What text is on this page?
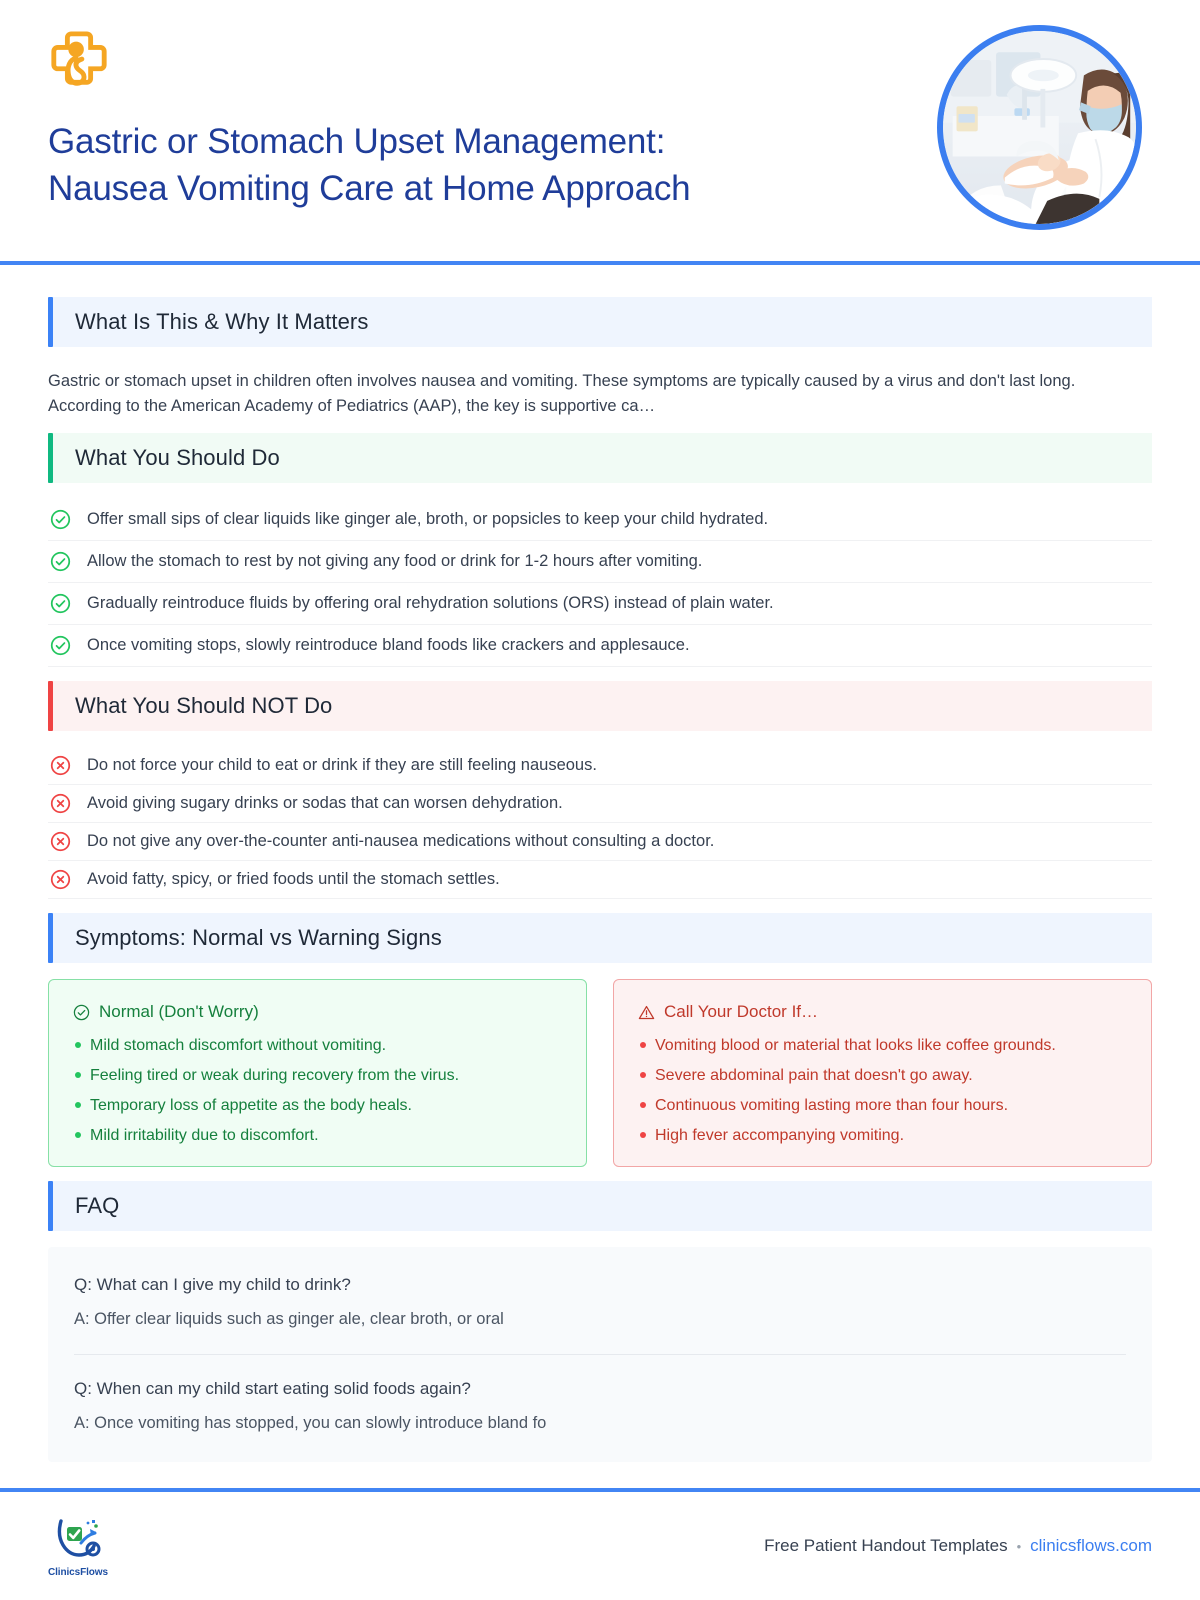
Gastric or Stomach Upset Management:
Nausea Vomiting Care at Home Approach
What Is This & Why It Matters

Gastric or stomach upset in children often involves nausea and vomiting. These symptoms are typically caused by a virus and don't last long. According to the American Academy of Pediatrics (AAP), the key is supportive ca…

What You Should Do
Offer small sips of clear liquids like ginger ale, broth, or popsicles to keep your child hydrated.
Allow the stomach to rest by not giving any food or drink for 1-2 hours after vomiting.
Gradually reintroduce fluids by offering oral rehydration solutions (ORS) instead of plain water.
Once vomiting stops, slowly reintroduce bland foods like crackers and applesauce.
What You Should NOT Do
Do not force your child to eat or drink if they are still feeling nauseous.
Avoid giving sugary drinks or sodas that can worsen dehydration.
Do not give any over-the-counter anti-nausea medications without consulting a doctor.
Avoid fatty, spicy, or fried foods until the stomach settles.
Symptoms: Normal vs Warning Signs
Normal (Don't Worry)
Mild stomach discomfort without vomiting.
Feeling tired or weak during recovery from the virus.
Temporary loss of appetite as the body heals.
Mild irritability due to discomfort.
Call Your Doctor If…
Vomiting blood or material that looks like coffee grounds.
Severe abdominal pain that doesn't go away.
Continuous vomiting lasting more than four hours.
High fever accompanying vomiting.
FAQ
Q: What can I give my child to drink?
A: Offer clear liquids such as ginger ale, clear broth, or oral
Q: When can my child start eating solid foods again?
A: Once vomiting has stopped, you can slowly introduce bland fo
ClinicsFlows
Free Patient Handout Templates • clinicsflows.com
